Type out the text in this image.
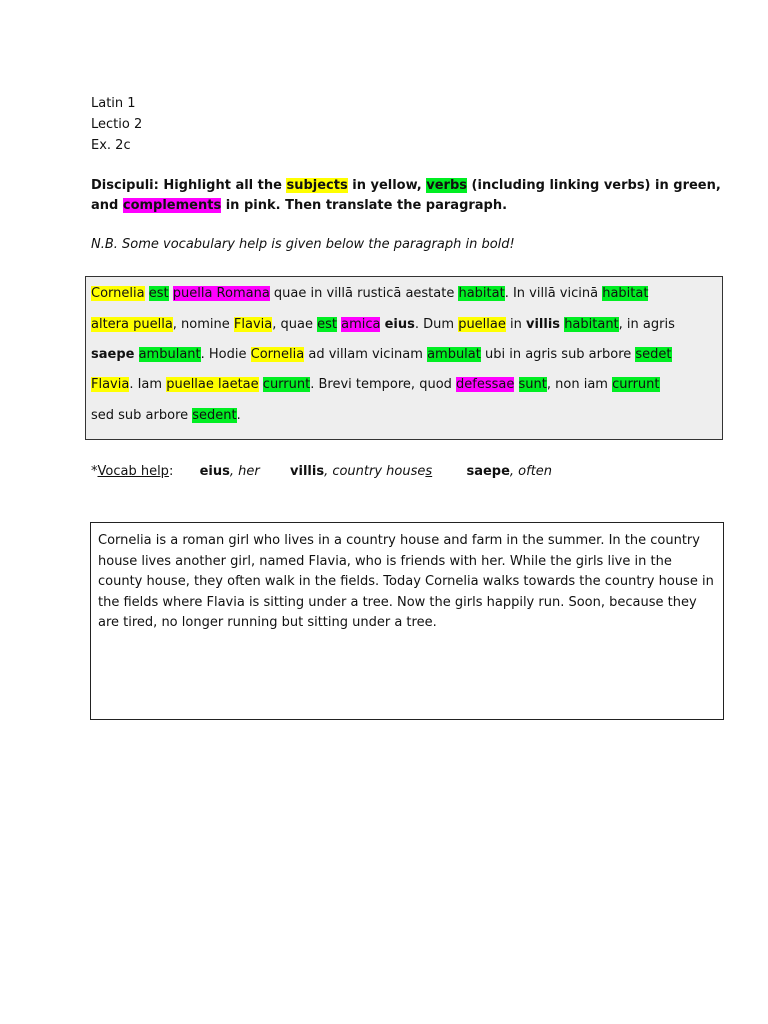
Latin 1
Lectio 2
Ex. 2c
Discipuli: Highlight all the subjects in yellow, verbs (including linking verbs) in green, and complements in pink. Then translate the paragraph.
N.B. Some vocabulary help is given below the paragraph in bold!
Cornelia est puella Romana quae in villā rusticā aestate habitat. In villā vicinā habitat
altera puella, nomine Flavia, quae est amica eius. Dum puellae in villis habitant, in agris
saepe ambulant. Hodie Cornelia ad villam vicinam ambulat ubi in agris sub arbore sedet
Flavia. Iam puellae laetae currunt. Brevi tempore, quod defessae sunt, non iam currunt
sed sub arbore sedent.
*Vocab help: eius, her villis, country houses	saepe, often
Cornelia is a roman girl who lives in a country house and farm in the summer. In the country house lives another girl, named Flavia, who is friends with her. While the girls live in the county house, they often walk in the fields. Today Cornelia walks towards the country house in the fields where Flavia is sitting under a tree. Now the girls happily run. Soon, because they are tired, no longer running but sitting under a tree.
